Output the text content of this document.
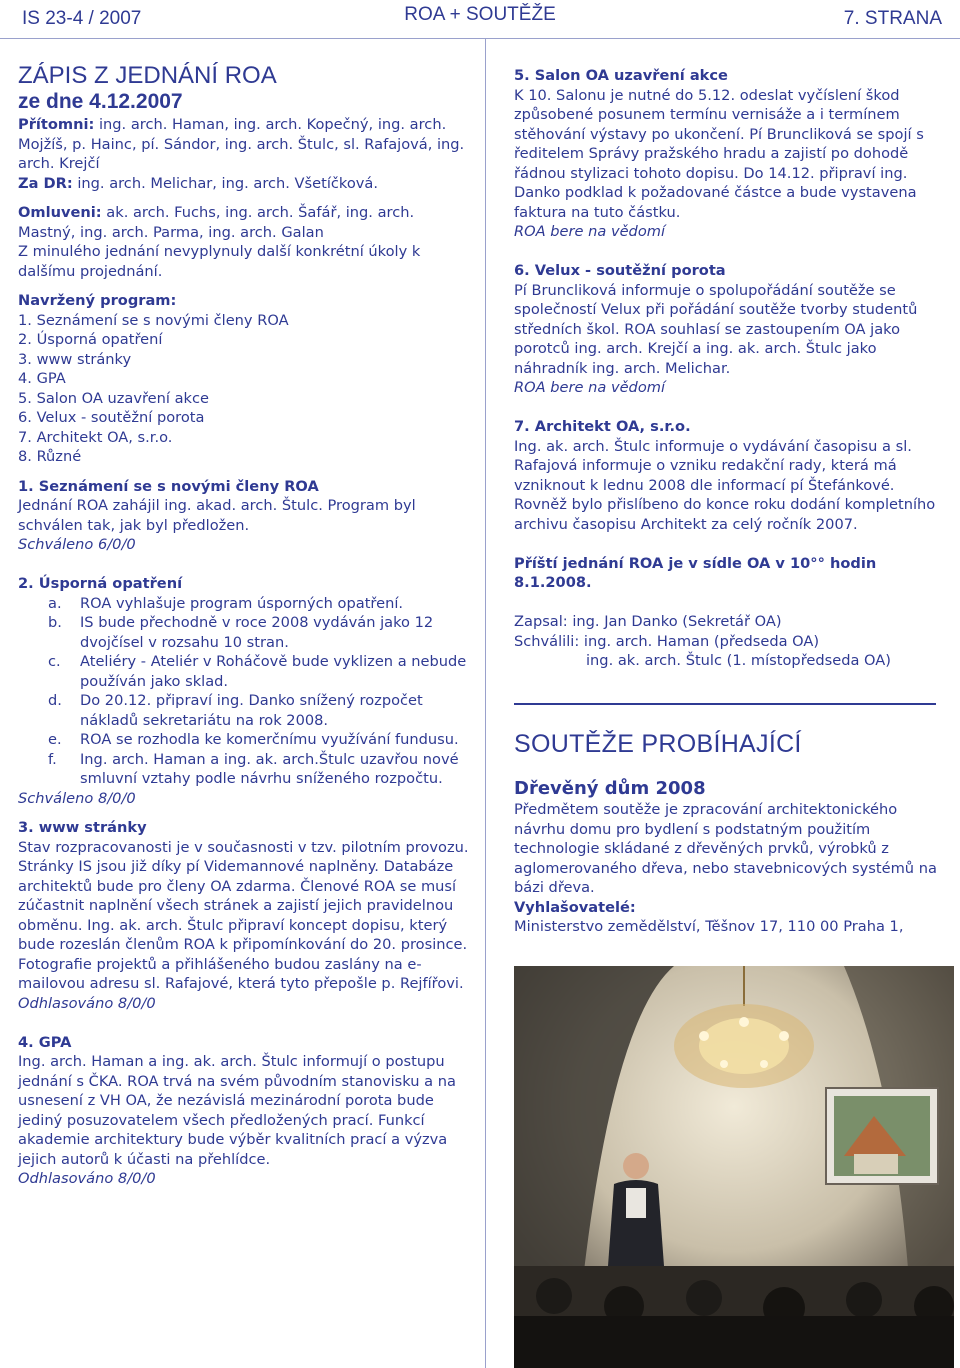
IS 23-4 / 2007	ROA + SOUTĚŽE	7. STRANA

ZÁPIS Z JEDNÁNÍ ROA

ze dne 4.12.2007

Přítomni: ing. arch. Haman, ing. arch. Kopečný, ing. arch. Mojžíš, p. Hainc, pí. Sándor, ing. arch. Štulc, sl. Rafajová, ing. arch. Krejčí

Za DR: ing. arch. Melichar, ing. arch. Všetíčková.

Omluveni: ak. arch. Fuchs, ing. arch. Šafář, ing. arch. Mastný, ing. arch. Parma, ing. arch. Galan

Z minulého jednání nevyplynuly další konkrétní úkoly k dalšímu projednání.

Navržený program:

1. Seznámení se s novými členy ROA

2. Úsporná opatření

3. www stránky

4. GPA

5. Salon OA uzavření akce

6. Velux - soutěžní porota

7. Architekt OA, s.r.o.

8. Různé

1. Seznámení se s novými členy ROA

Jednání ROA zahájil ing. akad. arch. Štulc. Program byl schválen tak, jak byl předložen.

Schváleno 6/0/0

2. Úsporná opatření

a. ROA vyhlašuje program úsporných opatření.
b. IS bude přechodně v roce 2008 vydáván jako 12 dvojčísel v rozsahu 10 stran.
c. Ateliéry - Ateliér v Roháčově bude vyklizen a nebude používán jako sklad.
d. Do 20.12. připraví ing. Danko snížený rozpočet nákladů sekretariátu na rok 2008.
e. ROA se rozhodla ke komerčnímu využívání fundusu.
f. Ing. arch. Haman a ing. ak. arch.Štulc uzavřou nové smluvní vztahy podle návrhu sníženého rozpočtu.

Schváleno 8/0/0

3. www stránky

Stav rozpracovanosti je v současnosti v tzv. pilotním provozu. Stránky IS jsou již díky pí Videmannové naplněny. Databáze architektů bude pro členy OA zdarma. Členové ROA se musí zúčastnit naplnění všech stránek a zajistí jejich pravidelnou obměnu. Ing. ak. arch. Štulc připraví koncept dopisu, který bude rozeslán členům ROA k připomínkování do 20. prosince. Fotografie projektů a přihlášeného budou zaslány na e-mailovou adresu sl. Rafajové, která tyto přepošle p. Rejfířovi.

Odhlasováno 8/0/0

4. GPA

Ing. arch. Haman a ing. ak. arch. Štulc informují o postupu jednání s ČKA. ROA trvá na svém původním stanovisku a na usnesení z VH OA, že nezávislá mezinárodní porota bude jediný posuzovatelem všech předložených prací. Funkcí akademie architektury bude výběr kvalitních prací a výzva jejich autorů k účasti na přehlídce.

Odhlasováno 8/0/0

5. Salon OA uzavření akce

K 10. Salonu je nutné do 5.12. odeslat vyčíslení škod způsobené posunem termínu vernisáže a i termínem stěhování výstavy po ukončení. Pí Bruncliková se spojí s ředitelem Správy pražského hradu a zajistí po dohodě řádnou stylizaci tohoto dopisu. Do 14.12. připraví ing. Danko podklad k požadované částce a bude vystavena faktura na tuto částku.

ROA bere na vědomí

6. Velux - soutěžní porota

Pí Bruncliková informuje o spolupořádání soutěže se společností Velux při pořádání soutěže tvorby studentů středních škol. ROA souhlasí se zastoupením OA jako porotců ing. arch. Krejčí a ing. ak. arch. Štulc jako náhradník ing. arch. Melichar.

ROA bere na vědomí

7. Architekt OA, s.r.o.

Ing. ak. arch. Štulc informuje o vydávání časopisu a sl. Rafajová informuje o vzniku redakční rady, která má vzniknout k lednu 2008 dle informací pí Štefánkové. Rovněž bylo přislíbeno do konce roku dodání kompletního archivu časopisu Architekt za celý ročník 2007.

Příští jednání ROA je v sídle OA v 10°° hodin 8.1.2008.

Zapsal: ing. Jan Danko (Sekretář OA)

Schválili: ing. arch. Haman (předseda OA)

ing. ak. arch. Štulc (1. místopředseda OA)

SOUTĚŽE PROBÍHAJÍCÍ

Dřevěný dům 2008

Předmětem soutěže je zpracování architektonického návrhu domu pro bydlení s podstatným použitím technologie skládané z dřevěných prvků, výrobků z aglomerovaného dřeva, nebo stavebnicových systémů na bázi dřeva.

Vyhlašovatelé:

Ministerstvo zemědělství, Těšnov 17, 110 00 Praha 1,
